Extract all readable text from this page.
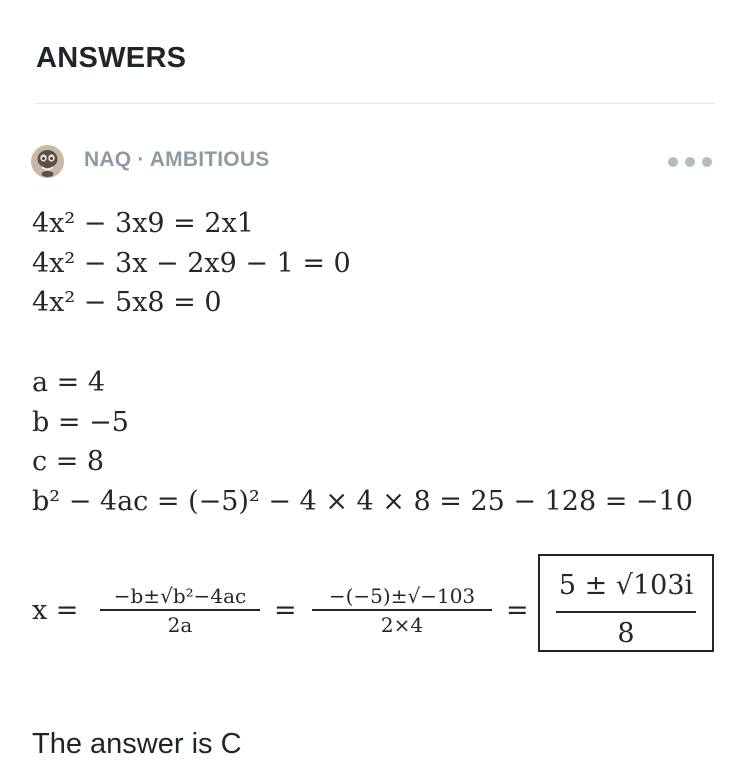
ANSWERS
NAQ · AMBITIOUS
4x² − 3x9 = 2x1
4x² − 3x − 2x9 − 1 = 0
4x² − 5x8 = 0
a = 4
b = −5
c = 8
b² − 4ac = (−5)² − 4 × 4 × 8 = 25 − 128 = −10
x =	−b±√b²−4ac
2a	=	−(−5)±√−103
2×4	=
5 ± √103i
8
The answer is C
